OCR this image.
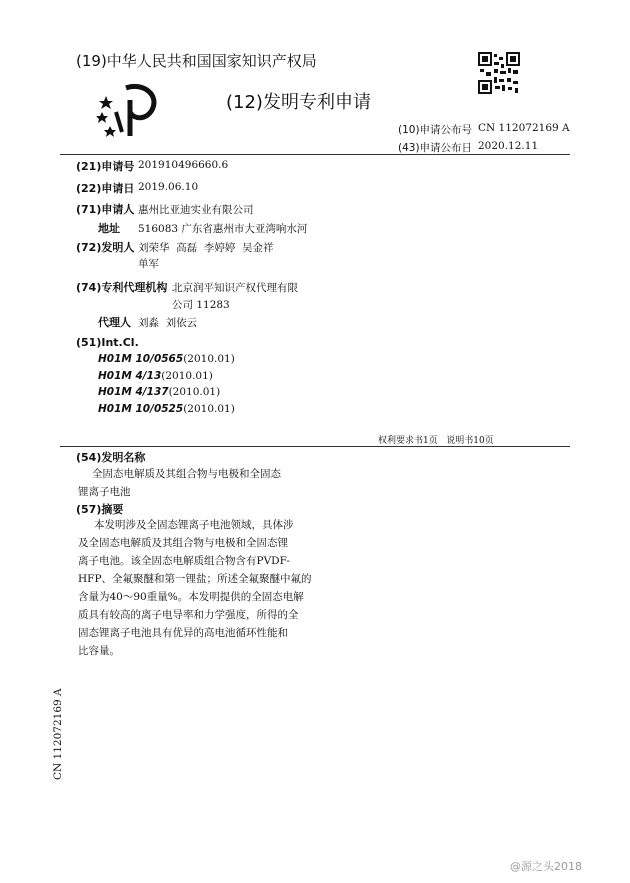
(19)中华人民共和国国家知识产权局
(12)发明专利申请
(10)申请公布号 CN 112072169 A
(43)申请公布日 2020.12.11
(21)申请号 201910496660.6
(22)申请日 2019.06.10
(71)申请人 惠州比亚迪实业有限公司
地址 516083 广东省惠州市大亚湾响水河
(72)发明人 刘荣华  高磊  李婷婷  吴金祥
单军
(74)专利代理机构 北京润平知识产权代理有限
公司 11283
代理人 刘淼  刘依云
(51)Int.Cl.
H01M 10/0565(2010.01)
H01M 4/13(2010.01)
H01M 4/137(2010.01)
H01M 10/0525(2010.01)
权利要求书1页   说明书10页
(54)发明名称
全固态电解质及其组合物与电极和全固态
锂离子电池
(57)摘要
本发明涉及全固态锂离子电池领域，具体涉
及全固态电解质及其组合物与电极和全固态锂
离子电池。该全固态电解质组合物含有PVDF-
HFP、全氟聚醚和第一锂盐；所述全氟聚醚中氟的
含量为40～90重量%。本发明提供的全固态电解
质具有较高的离子电导率和力学强度，所得的全
固态锂离子电池具有优异的高电池循环性能和
比容量。
CN 112072169 A
@源之头2018
